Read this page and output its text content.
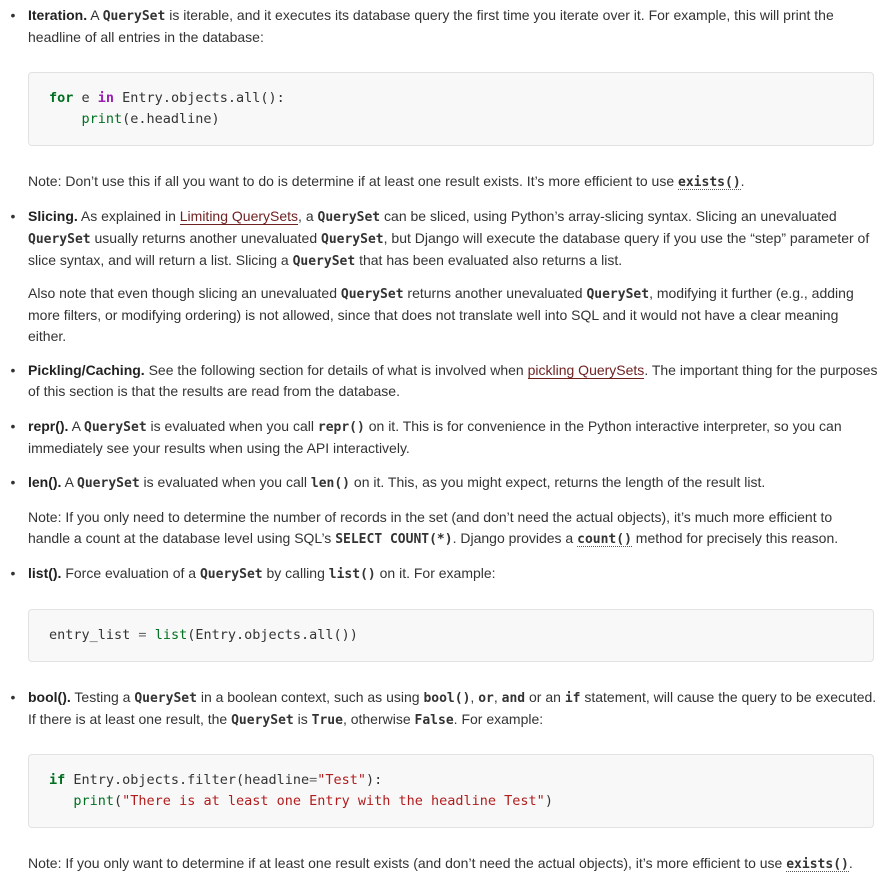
• Iteration. A QuerySet is iterable, and it executes its database query the first time you iterate over it. For example, this will print the headline of all entries in the database:
for e in Entry.objects.all():
print(e.headline)
Note: Don’t use this if all you want to do is determine if at least one result exists. It’s more efficient to use exists().
• Slicing. As explained in Limiting QuerySets, a QuerySet can be sliced, using Python’s array-slicing syntax. Slicing an unevaluated QuerySet usually returns another unevaluated QuerySet, but Django will execute the database query if you use the “step” parameter of slice syntax, and will return a list. Slicing a QuerySet that has been evaluated also returns a list.
Also note that even though slicing an unevaluated QuerySet returns another unevaluated QuerySet, modifying it further (e.g., adding more filters, or modifying ordering) is not allowed, since that does not translate well into SQL and it would not have a clear meaning either.
• Pickling/Caching. See the following section for details of what is involved when pickling QuerySets. The important thing for the purposes of this section is that the results are read from the database.
• repr(). A QuerySet is evaluated when you call repr() on it. This is for convenience in the Python interactive interpreter, so you can immediately see your results when using the API interactively.
• len(). A QuerySet is evaluated when you call len() on it. This, as you might expect, returns the length of the result list.
Note: If you only need to determine the number of records in the set (and don’t need the actual objects), it’s much more efficient to handle a count at the database level using SQL’s SELECT COUNT(*). Django provides a count() method for precisely this reason.
• list(). Force evaluation of a QuerySet by calling list() on it. For example:
entry_list = list(Entry.objects.all())
• bool(). Testing a QuerySet in a boolean context, such as using bool(), or, and or an if statement, will cause the query to be executed. If there is at least one result, the QuerySet is True, otherwise False. For example:
if Entry.objects.filter(headline="Test"):
print("There is at least one Entry with the headline Test")
Note: If you only want to determine if at least one result exists (and don’t need the actual objects), it’s more efficient to use exists().
